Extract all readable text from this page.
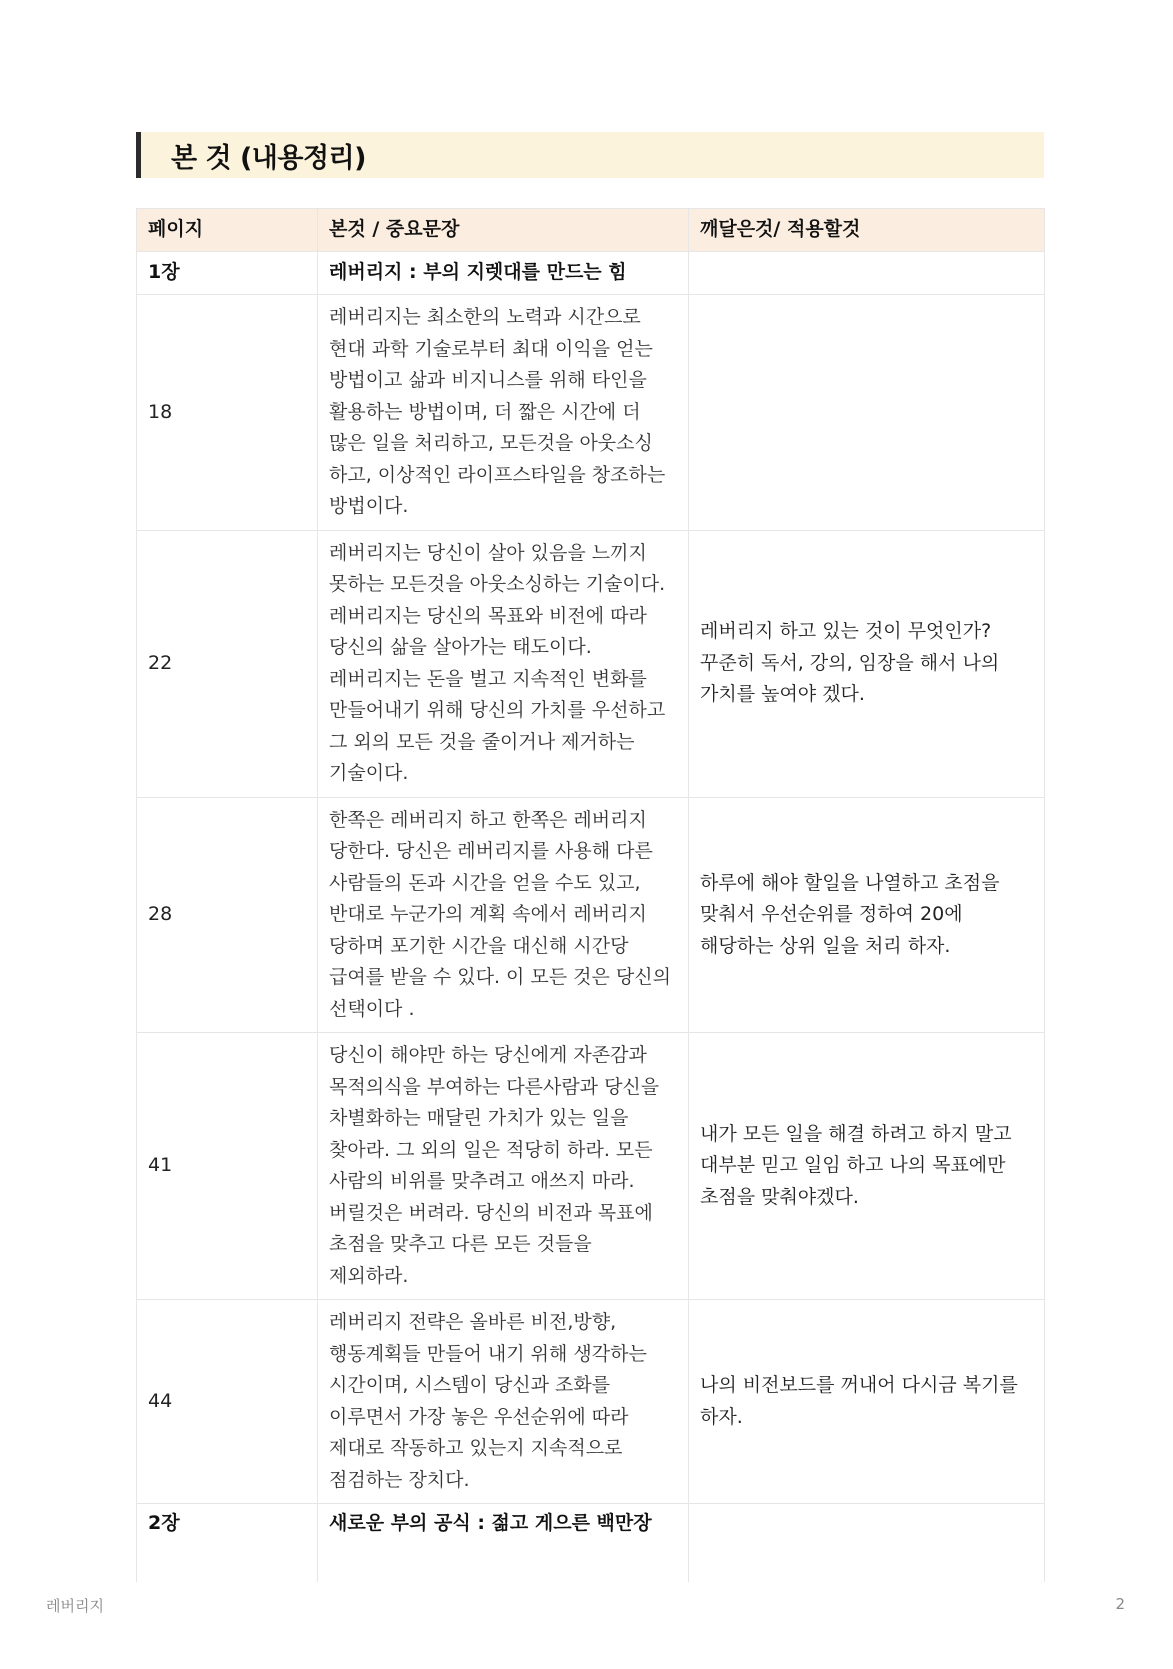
본 것 (내용정리)
페이지	본것 / 중요문장	깨달은것/ 적용할것
1장	레버리지 : 부의 지렛대를 만드는 힘	
18	레버리지는 최소한의 노력과 시간으로 현대 과학 기술로부터 최대 이익을 얻는 방법이고 삶과 비지니스를 위해 타인을 활용하는 방법이며, 더 짧은 시간에 더 많은 일을 처리하고, 모든것을 아웃소싱 하고, 이상적인 라이프스타일을 창조하는 방법이다.	
22	레버리지는 당신이 살아 있음을 느끼지 못하는 모든것을 아웃소싱하는 기술이다. 레버리지는 당신의 목표와 비전에 따라 당신의 삶을 살아가는 태도이다. 레버리지는 돈을 벌고 지속적인 변화를 만들어내기 위해 당신의 가치를 우선하고 그 외의 모든 것을 줄이거나 제거하는 기술이다.	레버리지 하고 있는 것이 무엇인가? 꾸준히 독서, 강의, 임장을 해서 나의 가치를 높여야 겠다.
28	한쪽은 레버리지 하고 한쪽은 레버리지 당한다. 당신은 레버리지를 사용해 다른 사람들의 돈과 시간을 얻을 수도 있고, 반대로 누군가의 계획 속에서 레버리지 당하며 포기한 시간을 대신해 시간당 급여를 받을 수 있다. 이 모든 것은 당신의 선택이다 .	하루에 해야 할일을 나열하고 초점을 맞춰서 우선순위를 정하여 20에 해당하는 상위 일을 처리 하자.
41	당신이 해야만 하는 당신에게 자존감과 목적의식을 부여하는 다른사람과 당신을 차별화하는 매달린 가치가 있는 일을 찾아라. 그 외의 일은 적당히 하라. 모든 사람의 비위를 맞추려고 애쓰지 마라. 버릴것은 버려라. 당신의 비전과 목표에 초점을 맞추고 다른 모든 것들을 제외하라.	내가 모든 일을 해결 하려고 하지 말고 대부분 믿고 일임 하고 나의 목표에만 초점을 맞춰야겠다.
44	레버리지 전략은 올바른 비전,방향,행동계획들 만들어 내기 위해 생각하는 시간이며, 시스템이 당신과 조화를 이루면서 가장 놓은 우선순위에 따라 제대로 작동하고 있는지 지속적으로 점검하는 장치다.	나의 비전보드를 꺼내어 다시금 복기를 하자.
2장	새로운 부의 공식 : 젊고 게으른 백만장	
레버리지	2
